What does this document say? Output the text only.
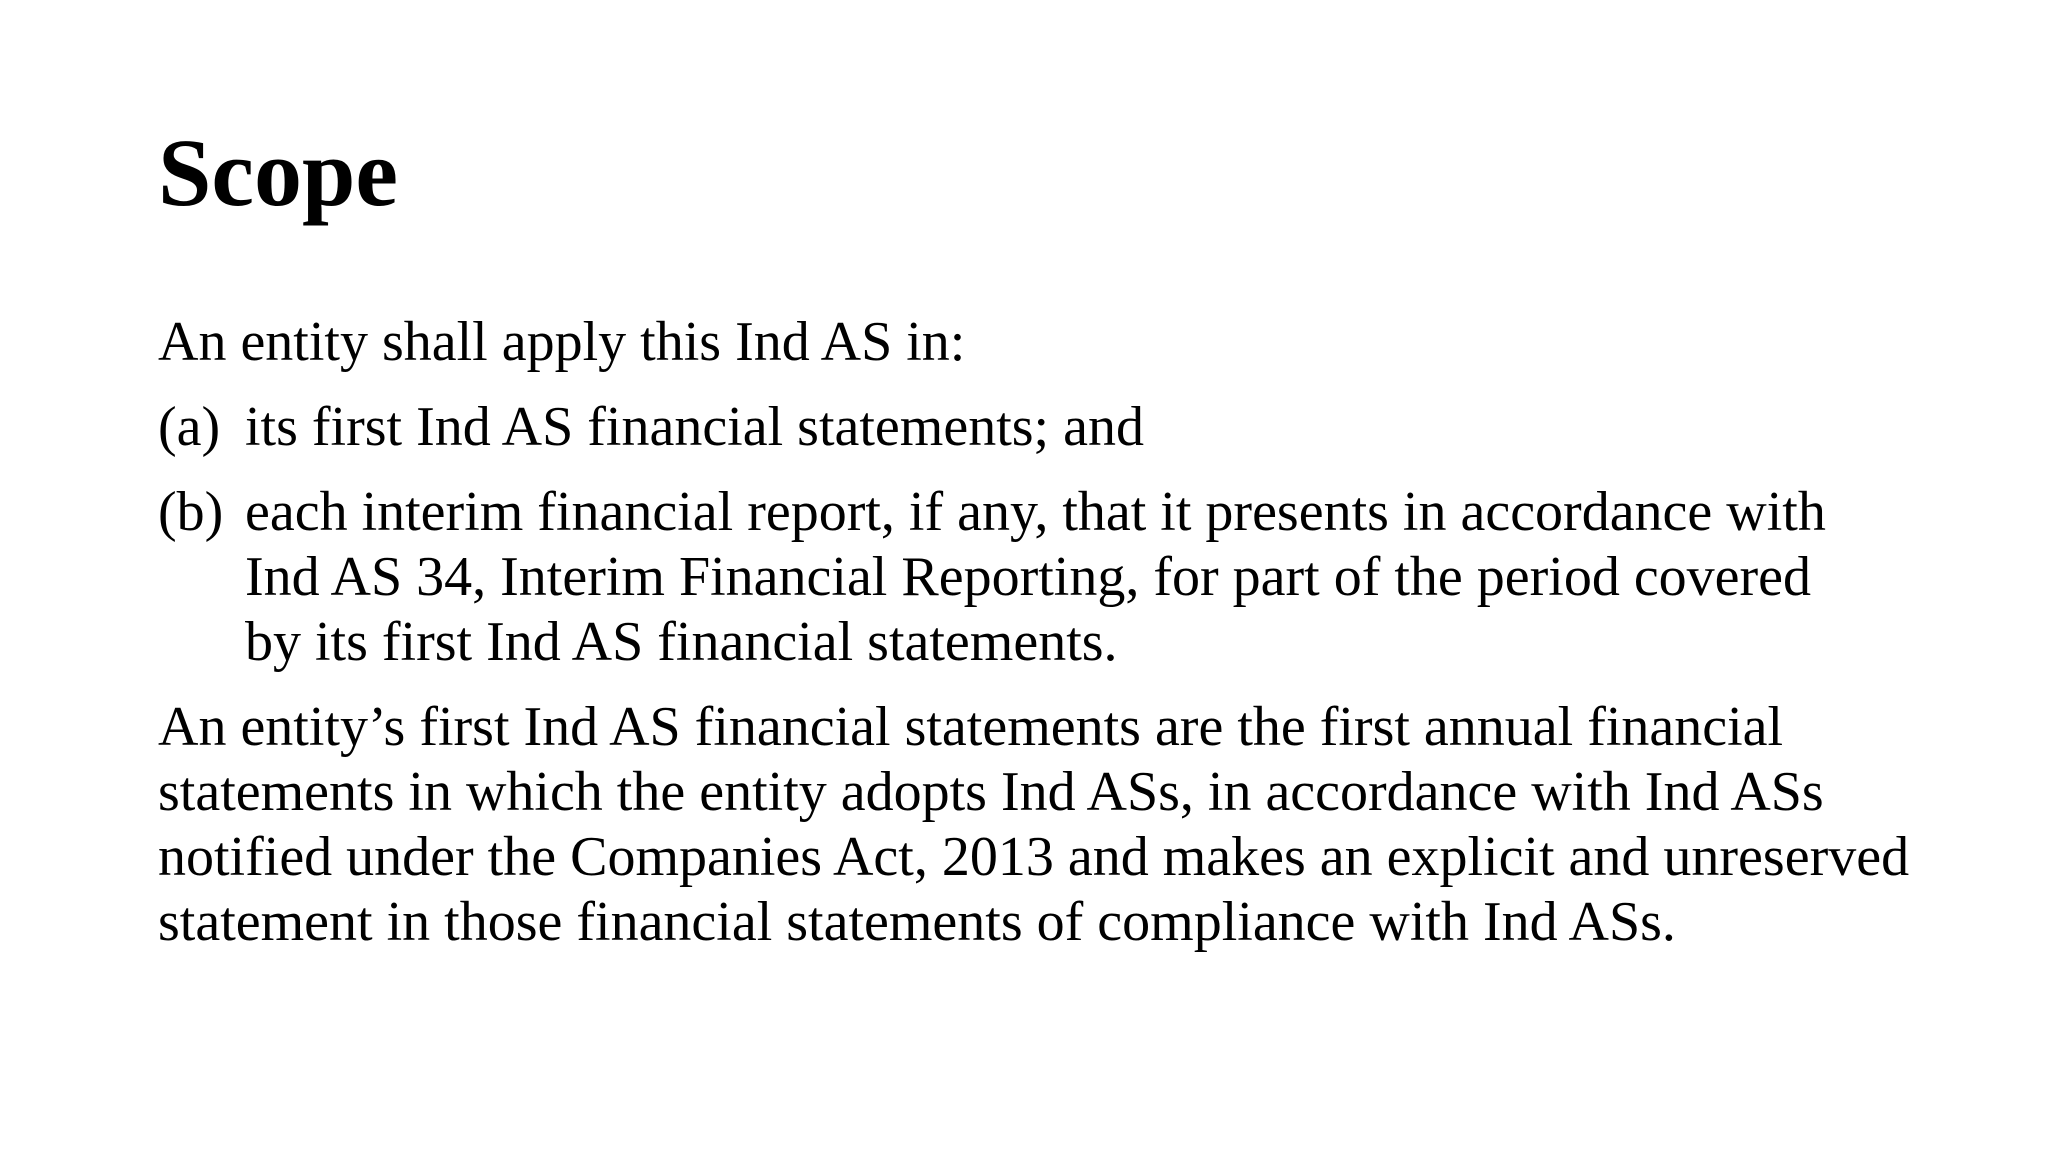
Scope

An entity shall apply this Ind AS in:

(a) its first Ind AS financial statements; and
(b) each interim financial report, if any, that it presents in accordance with Ind AS 34, Interim Financial Reporting, for part of the period covered by its first Ind AS financial statements.

An entity’s first Ind AS financial statements are the first annual financial statements in which the entity adopts Ind ASs, in accordance with Ind ASs notified under the Companies Act, 2013 and makes an explicit and unreserved statement in those financial statements of compliance with Ind ASs.
